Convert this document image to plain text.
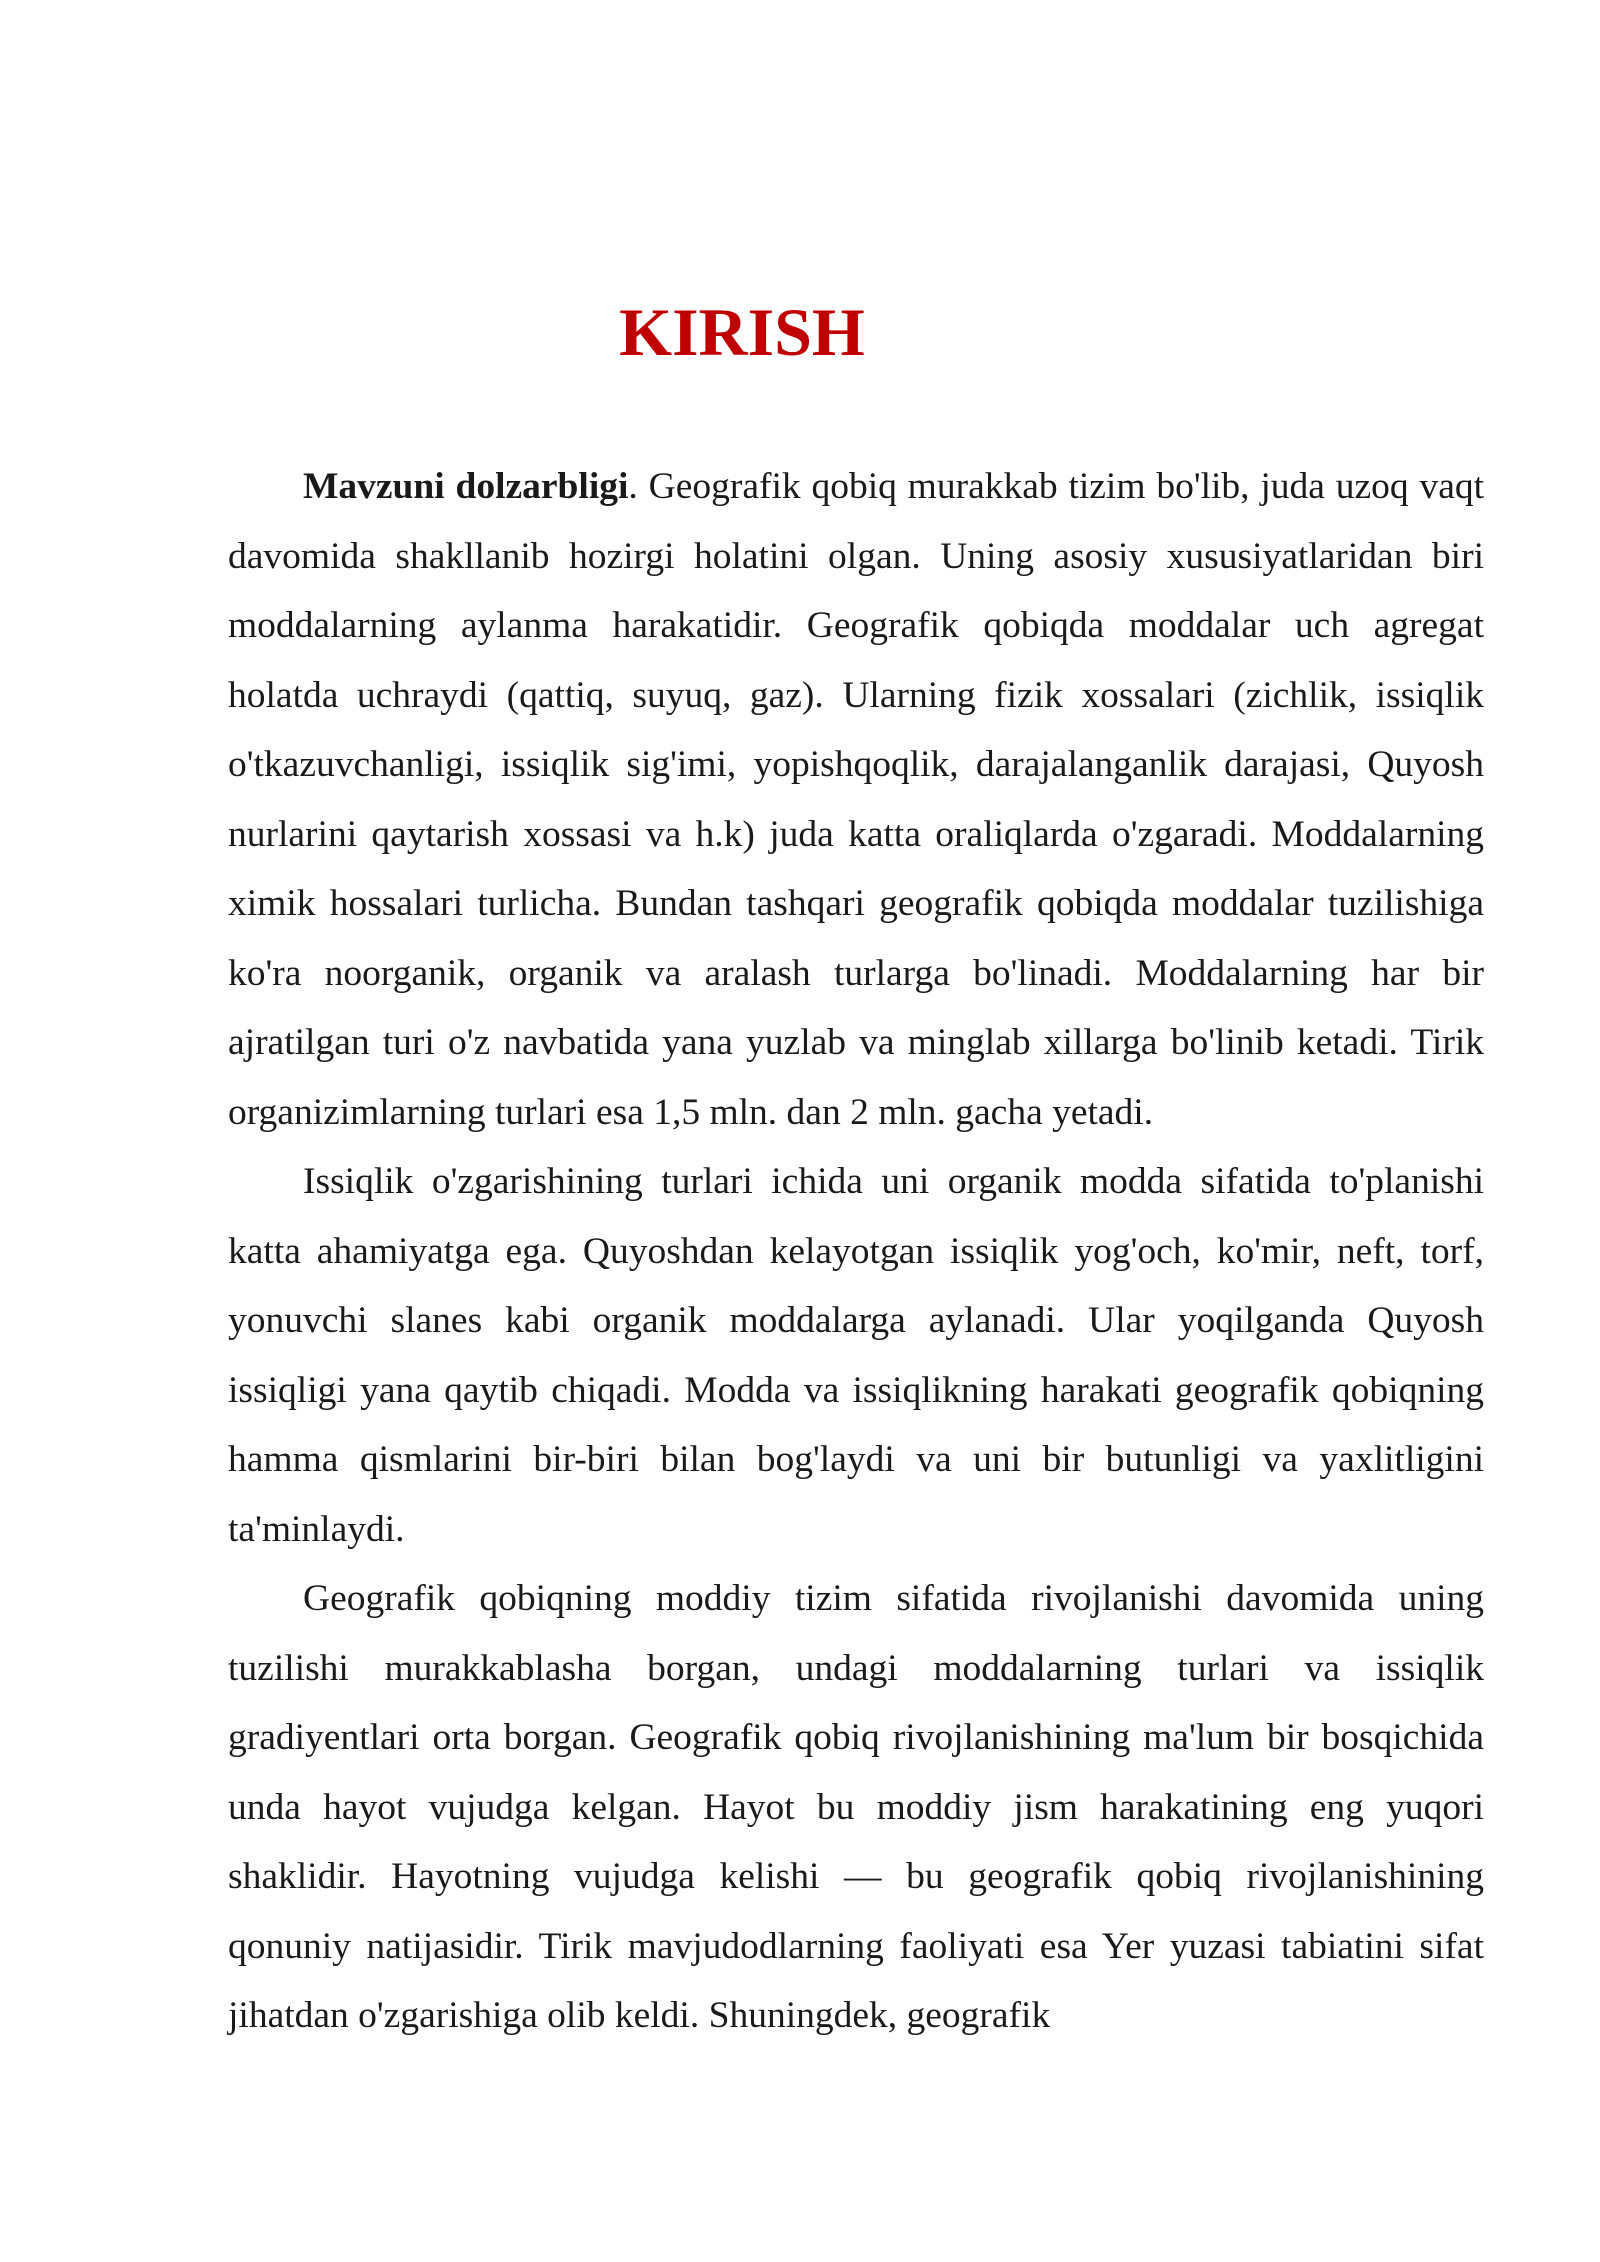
KIRISH

Mavzuni dolzarbligi. Geografik qobiq murakkab tizim bo'lib, juda uzoq vaqt davomida shakllanib hozirgi holatini olgan. Uning asosiy xususiyatlaridan biri moddalarning aylanma harakatidir. Geografik qobiqda moddalar uch agregat holatda uchraydi (qattiq, suyuq, gaz). Ularning fizik xossalari (zichlik, issiqlik o'tkazuvchanligi, issiqlik sig'imi, yopishqoqlik, darajalanganlik darajasi, Quyosh nurlarini qaytarish xossasi va h.k) juda katta oraliqlarda o'zgaradi. Moddalarning ximik hossalari turlicha. Bundan tashqari geografik qobiqda moddalar tuzilishiga ko'ra noorganik, organik va aralash turlarga bo'linadi. Moddalarning har bir ajratilgan turi o'z navbatida yana yuzlab va minglab xillarga bo'linib ketadi. Tirik organizimlarning turlari esa 1,5 mln. dan 2 mln. gacha yetadi.

Issiqlik o'zgarishining turlari ichida uni organik modda sifatida to'planishi katta ahamiyatga ega. Quyoshdan kelayotgan issiqlik yog'och, ko'mir, neft, torf, yonuvchi slanes kabi organik moddalarga aylanadi. Ular yoqilganda Quyosh issiqligi yana qaytib chiqadi. Modda va issiqlikning harakati geografik qobiqning hamma qismlarini bir-biri bilan bog'laydi va uni bir butunligi va yaxlitligini ta'minlaydi.

Geografik qobiqning moddiy tizim sifatida rivojlanishi davomida uning tuzilishi murakkablasha borgan, undagi moddalarning turlari va issiqlik gradiyentlari orta borgan. Geografik qobiq rivojlanishining ma'lum bir bosqichida unda hayot vujudga kelgan. Hayot bu moddiy jism harakatining eng yuqori shaklidir. Hayotning vujudga kelishi — bu geografik qobiq rivojlanishining qonuniy natijasidir. Tirik mavjudodlarning faoliyati esa Yer yuzasi tabiatini sifat jihatdan o'zgarishiga olib keldi. Shuningdek, geografik
